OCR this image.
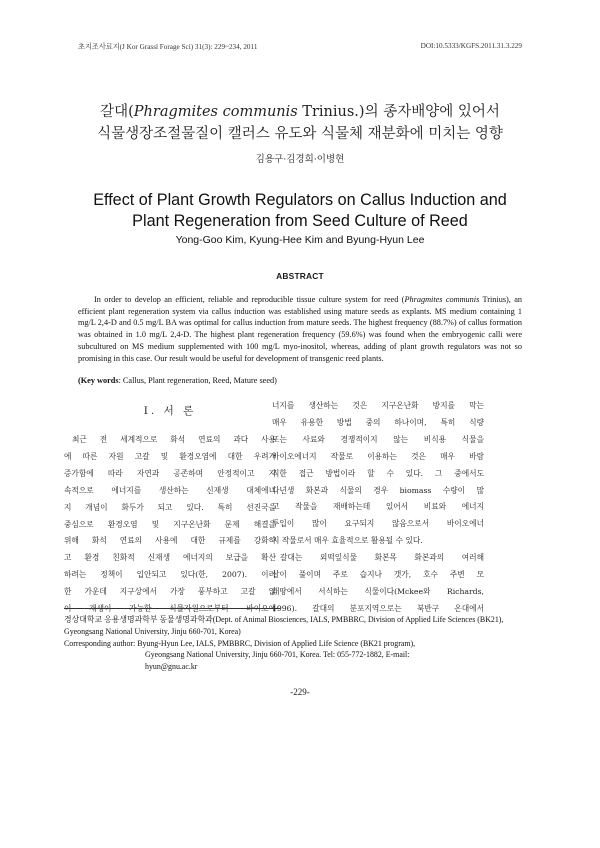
초지조사료지(J Kor Grassl Forage Sci) 31(3): 229~234, 2011	DOI:10.5333/KGFS.2011.31.3.229
갈대(Phragmites communis Trinius.)의 종자배양에 있어서
식물생장조절물질이 캘러스 유도와 식물체 재분화에 미치는 영향
김용구·김경희·이병현
Effect of Plant Growth Regulators on Callus Induction and
Plant Regeneration from Seed Culture of Reed
Yong-Goo Kim, Kyung-Hee Kim and Byung-Hyun Lee
ABSTRACT

In order to develop an efficient, reliable and reproducible tissue culture system for reed (Phragmites communis Trinius), an efficient plant regeneration system via callus induction was established using mature seeds as explants. MS medium containing 1 mg/L 2,4-D and 0.5 mg/L BA was optimal for callus induction from mature seeds. The highest frequency (88.7%) of callus formation was obtained in 1.0 mg/L 2,4-D. The highest plant regeneration frequency (59.6%) was found when the embryogenic calli were subcultured on MS medium supplemented with 100 mg/L myo-inositol, whereas, adding of plant growth regulators was not so promising in this case. Our result would be useful for development of transgenic reed plants.

(Key words: Callus, Plant regeneration, Reed, Mature seed)
Ⅰ. 서 론
최근 전 세계적으로 화석 연료의 과다 사용
에 따른 자원 고갈 및 환경오염에 대한 우려가
증가함에 따라 자연과 공존하며 안정적이고 지
속적으로 에너지를 생산하는 신재생 대체에너
지 개념이 화두가 되고 있다. 특히 선진국을
중심으로 환경오염 및 지구온난화 문제 해결을
위해 화석 연료의 사용에 대한 규제를 강화하
고 환경 친화적 신재생 에너지의 보급을 확산
하려는 정책이 입안되고 있다(한, 2007). 이러
한 가운데 지구상에서 가장 풍부하고 고갈 없
이 재생이 가능한 식물자원으로부터 바이오에
너지를 생산하는 것은 지구온난화 방지를 막는
매우 유용한 방법 중의 하나이며, 특히 식량
또는 사료와 경쟁적이지 않는 비식용 식물을
바이오에너지 작물로 이용하는 것은 매우 바람
직한 접근 방법이라 할 수 있다. 그 중에서도
다년생 화본과 식물의 경우 biomass 수량이 많
고 작물을 재배하는데 있어서 비료와 에너지
투입이 많이 요구되지 않음으로서 바이오에너
지 작물로서 매우 효율적으로 활용될 수 있다.
갈대는 외떡잎식물 화본목 화본과의 여러해
살이 풀이며 주로 습지나 갯가, 호수 주변 모
래땅에서 서식하는 식물이다(Mckee와 Richards,
1996). 갈대의 분포지역으로는 북반구 온대에서
경상대학교 응용생명과학부 동물생명과학과(Dept. of Animal Biosciences, IALS, PMBBRC, Division of Applied Life Sciences (BK21), Gyeongsang National University, Jinju 660-701, Korea)
Corresponding author: Byung-Hyun Lee, IALS, PMBBRC, Division of Applied Life Science (BK21 program),
Gyeongsang National University, Jinju 660-701, Korea. Tel: 055-772-1882, E-mail:
hyun@gnu.ac.kr
-229-
